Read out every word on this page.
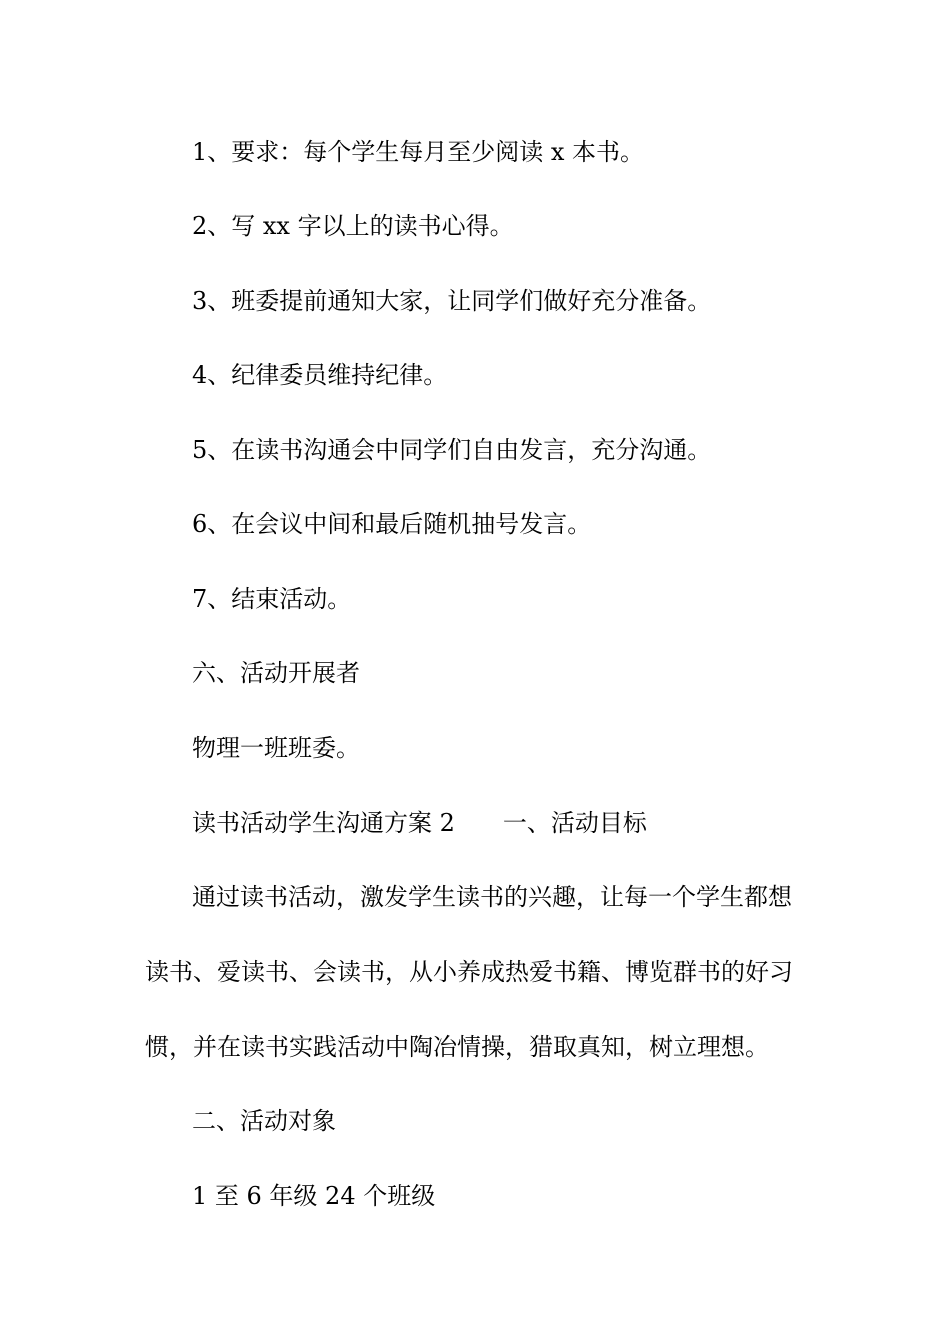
1、要求：每个学生每月至少阅读 x 本书。

2、写 xx 字以上的读书心得。

3、班委提前通知大家，让同学们做好充分准备。

4、纪律委员维持纪律。

5、在读书沟通会中同学们自由发言，充分沟通。

6、在会议中间和最后随机抽号发言。

7、结束活动。

六、活动开展者

物理一班班委。

读书活动学生沟通方案 2 一、活动目标

通过读书活动，激发学生读书的兴趣，让每一个学生都想

读书、爱读书、会读书，从小养成热爱书籍、博览群书的好习

惯，并在读书实践活动中陶冶情操，猎取真知，树立理想。

二、活动对象

1 至 6 年级 24 个班级
